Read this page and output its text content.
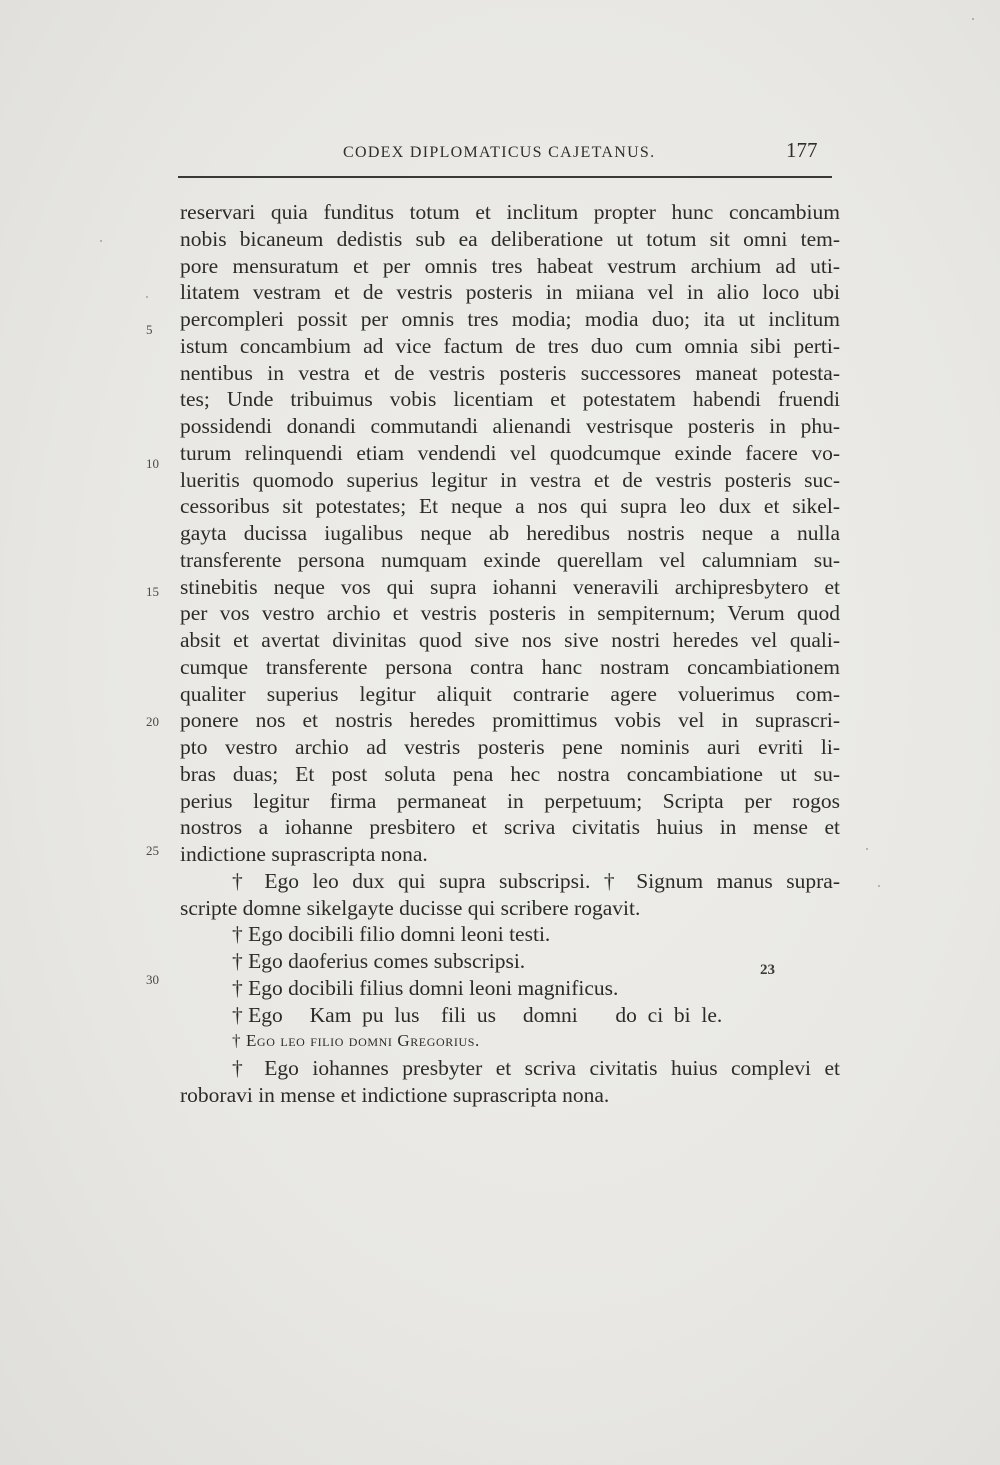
CODEX DIPLOMATICUS CAJETANUS.	177
reservari quia funditus totum et inclitum propter hunc concambium
nobis bicaneum dedistis sub ea deliberatione ut totum sit omni tem-
pore mensuratum et per omnis tres habeat vestrum archium ad uti-
litatem vestram et de vestris posteris in miiana vel in alio loco ubi
percompleri possit per omnis tres modia; modia duo; ita ut inclitum
istum concambium ad vice factum de tres duo cum omnia sibi perti-
nentibus in vestra et de vestris posteris successores maneat potesta-
tes; Unde tribuimus vobis licentiam et potestatem habendi fruendi
possidendi donandi commutandi alienandi vestrisque posteris in phu-
turum relinquendi etiam vendendi vel quodcumque exinde facere vo-
lueritis quomodo superius legitur in vestra et de vestris posteris suc-
cessoribus sit potestates; Et neque a nos qui supra leo dux et sikel-
gayta ducissa iugalibus neque ab heredibus nostris neque a nulla
transferente persona numquam exinde querellam vel calumniam su-
stinebitis neque vos qui supra iohanni veneravili archipresbytero et
per vos vestro archio et vestris posteris in sempiternum; Verum quod
absit et avertat divinitas quod sive nos sive nostri heredes vel quali-
cumque transferente persona contra hanc nostram concambiationem
qualiter superius legitur aliquit contrarie agere voluerimus com-
ponere nos et nostris heredes promittimus vobis vel in suprascri-
pto vestro archio ad vestris posteris pene nominis auri evriti li-
bras duas; Et post soluta pena hec nostra concambiatione ut su-
perius legitur firma permaneat in perpetuum; Scripta per rogos
nostros a iohanne presbitero et scriva civitatis huius in mense et
indictione suprascripta nona.
† Ego leo dux qui supra subscripsi. † Signum manus supra-
scripte domne sikelgayte ducisse qui scribere rogavit.
† Ego docibili filio domni leoni testi.
† Ego daoferius comes subscripsi.
† Ego docibili filius domni leoni magnificus.
† Ego     Kam  pu  lus    fili  us     domni       do  ci  bi  le.
† Ego leo filio domni Gregorius.
† Ego iohannes presbyter et scriva civitatis huius complevi et
roboravi in mense et indictione suprascripta nona.
5
10
15
20
25
30
23
